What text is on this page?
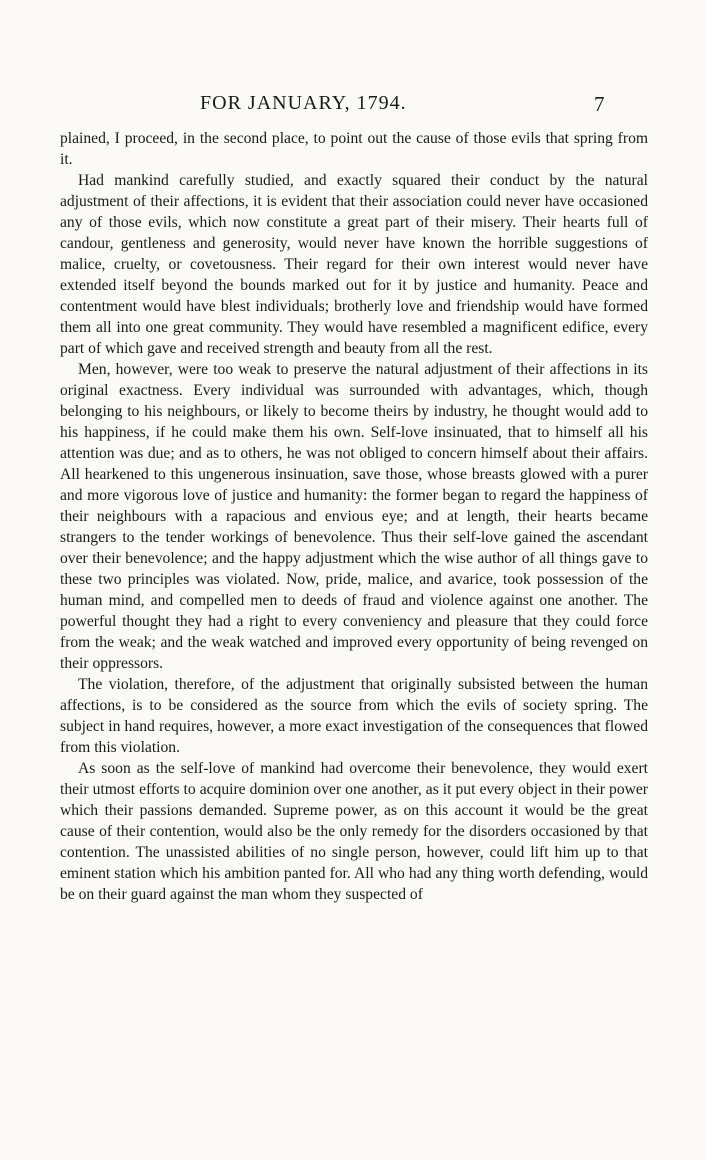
FOR JANUARY, 1794.	7

plained, I proceed, in the second place, to point out the cause of those evils that spring from it.

Had mankind carefully studied, and exactly squared their conduct by the natural adjustment of their affections, it is evident that their association could never have occasioned any of those evils, which now constitute a great part of their misery. Their hearts full of candour, gentleness and generosity, would never have known the horrible suggestions of malice, cruelty, or covetousness. Their regard for their own interest would never have extended itself beyond the bounds marked out for it by justice and humanity. Peace and contentment would have blest individuals; brotherly love and friendship would have formed them all into one great community. They would have resembled a magnificent edifice, every part of which gave and received strength and beauty from all the rest.

Men, however, were too weak to preserve the natural adjustment of their affections in its original exactness. Every individual was surrounded with advantages, which, though belonging to his neighbours, or likely to become theirs by industry, he thought would add to his happiness, if he could make them his own. Self-love insinuated, that to himself all his attention was due; and as to others, he was not obliged to concern himself about their affairs. All hearkened to this ungenerous insinuation, save those, whose breasts glowed with a purer and more vigorous love of justice and humanity: the former began to regard the happiness of their neighbours with a rapacious and envious eye; and at length, their hearts became strangers to the tender workings of benevolence. Thus their self-love gained the ascendant over their benevolence; and the happy adjustment which the wise author of all things gave to these two principles was violated. Now, pride, malice, and avarice, took possession of the human mind, and compelled men to deeds of fraud and violence against one another. The powerful thought they had a right to every conveniency and pleasure that they could force from the weak; and the weak watched and improved every opportunity of being revenged on their oppressors.

The violation, therefore, of the adjustment that originally subsisted between the human affections, is to be considered as the source from which the evils of society spring. The subject in hand requires, however, a more exact investigation of the consequences that flowed from this violation.

As soon as the self-love of mankind had overcome their benevolence, they would exert their utmost efforts to acquire dominion over one another, as it put every object in their power which their passions demanded. Supreme power, as on this account it would be the great cause of their contention, would also be the only remedy for the disorders occasioned by that contention. The unassisted abilities of no single person, however, could lift him up to that eminent station which his ambition panted for. All who had any thing worth defending, would be on their guard against the man whom they suspected of
